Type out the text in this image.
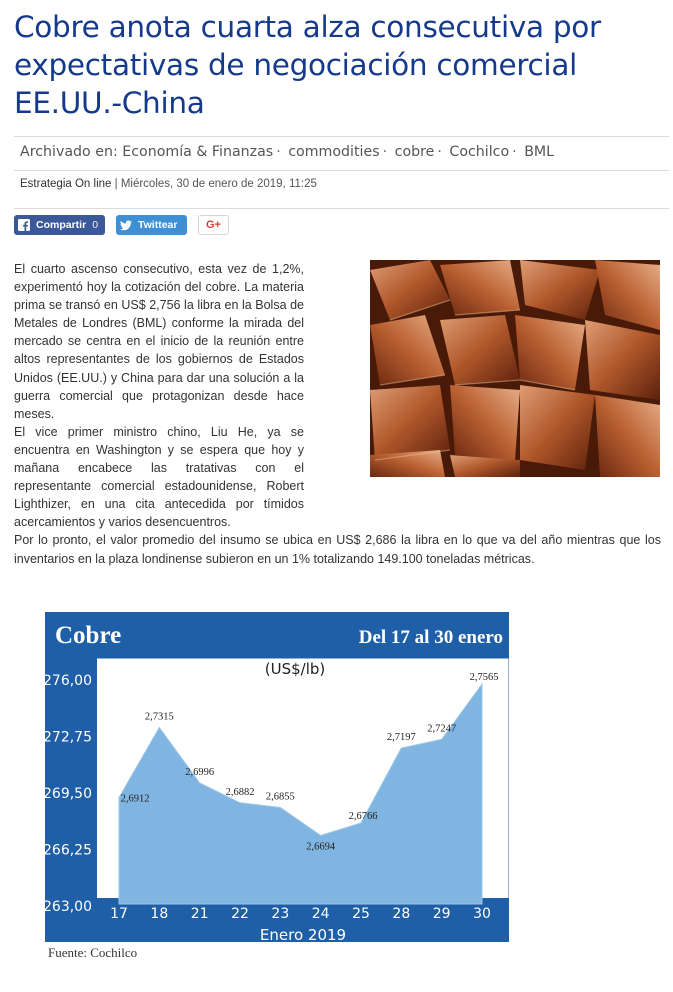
Cobre anota cuarta alza consecutiva por expectativas de negociación comercial EE.UU.-China
Archivado en: Economía & Finanzas · commodities · cobre · Cochilco · BML
Estrategia On line | Miércoles, 30 de enero de 2019, 11:25
Compartir 0	Twittear	G+

El cuarto ascenso consecutivo, esta vez de 1,2%, experimentó hoy la cotización del cobre. La materia prima se transó en US$ 2,756 la libra en la Bolsa de Metales de Londres (BML) conforme la mirada del mercado se centra en el inicio de la reunión entre altos representantes de los gobiernos de Estados Unidos (EE.UU.) y China para dar una solución a la guerra comercial que protagonizan desde hace meses.

El vice primer ministro chino, Liu He, ya se encuentra en Washington y se espera que hoy y mañana encabece las tratativas con el representante comercial estadounidense, Robert Lighthizer, en una cita antecedida por tímidos acercamientos y varios desencuentros.

Por lo pronto, el valor promedio del insumo se ubica en US$ 2,686 la libra en lo que va del año mientras que los inventarios en la plaza londinense subieron en un 1% totalizando 149.100 toneladas métricas.

Cobre	Del 17 al 30 enero
(US$/lb)
276,00
272,75
269,50
266,25
263,00 17 18 21 22 23 24 25 28 29 30
2,6912
2,7315
2,6996
2,6882 2,6855
2,6694
2,6766
2,7197
2,7247
2,7565
Enero 2019
Fuente: Cochilco
